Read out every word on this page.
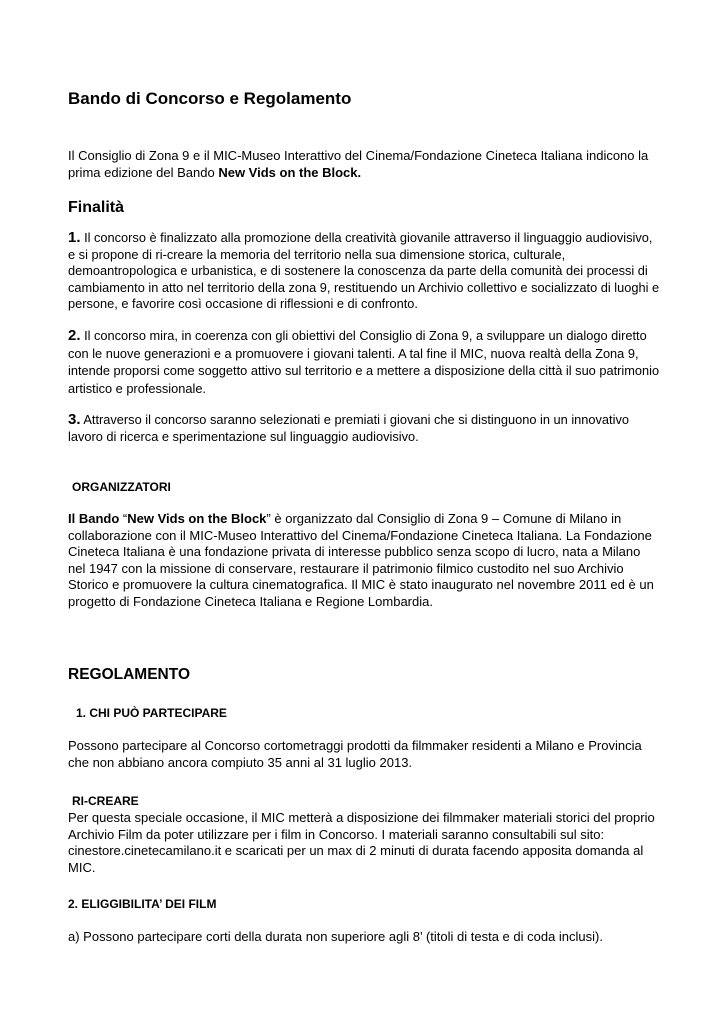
Bando di Concorso e Regolamento

Il Consiglio di Zona 9 e il MIC-Museo Interattivo del Cinema/Fondazione Cineteca Italiana indicono la prima edizione del Bando New Vids on the Block.

Finalità

1. Il concorso è finalizzato alla promozione della creatività giovanile attraverso il linguaggio audiovisivo, e si propone di ri-creare la memoria del territorio nella sua dimensione storica, culturale, demoantropologica e urbanistica, e di sostenere la conoscenza da parte della comunità dei processi di cambiamento in atto nel territorio della zona 9, restituendo un Archivio collettivo e socializzato di luoghi e persone, e favorire così occasione di riflessioni e di confronto.

2. Il concorso mira, in coerenza con gli obiettivi del Consiglio di Zona 9, a sviluppare un dialogo diretto con le nuove generazioni e a promuovere i giovani talenti. A tal fine il MIC, nuova realtà della Zona 9, intende proporsi come soggetto attivo sul territorio e a mettere a disposizione della città il suo patrimonio artistico e professionale.

3. Attraverso il concorso saranno selezionati e premiati i giovani che si distinguono in un innovativo lavoro di ricerca e sperimentazione sul linguaggio audiovisivo.

ORGANIZZATORI

Il Bando “New Vids on the Block” è organizzato dal Consiglio di Zona 9 – Comune di Milano in collaborazione con il MIC-Museo Interattivo del Cinema/Fondazione Cineteca Italiana. La Fondazione Cineteca Italiana è una fondazione privata di interesse pubblico senza scopo di lucro, nata a Milano nel 1947 con la missione di conservare, restaurare il patrimonio filmico custodito nel suo Archivio Storico e promuovere la cultura cinematografica. Il MIC è stato inaugurato nel novembre 2011 ed è un progetto di Fondazione Cineteca Italiana e Regione Lombardia.

REGOLAMENTO
1. CHI PUÒ PARTECIPARE

Possono partecipare al Concorso cortometraggi prodotti da filmmaker residenti a Milano e Provincia che non abbiano ancora compiuto 35 anni al 31 luglio 2013.

RI-CREARE

Per questa speciale occasione, il MIC metterà a disposizione dei filmmaker materiali storici del proprio Archivio Film da poter utilizzare per i film in Concorso. I materiali saranno consultabili sul sito: cinestore.cinetecamilano.it e scaricati per un max di 2 minuti di durata facendo apposita domanda al MIC.

2. ELIGGIBILITA’ DEI FILM

a) Possono partecipare corti della durata non superiore agli 8’ (titoli di testa e di coda inclusi).
